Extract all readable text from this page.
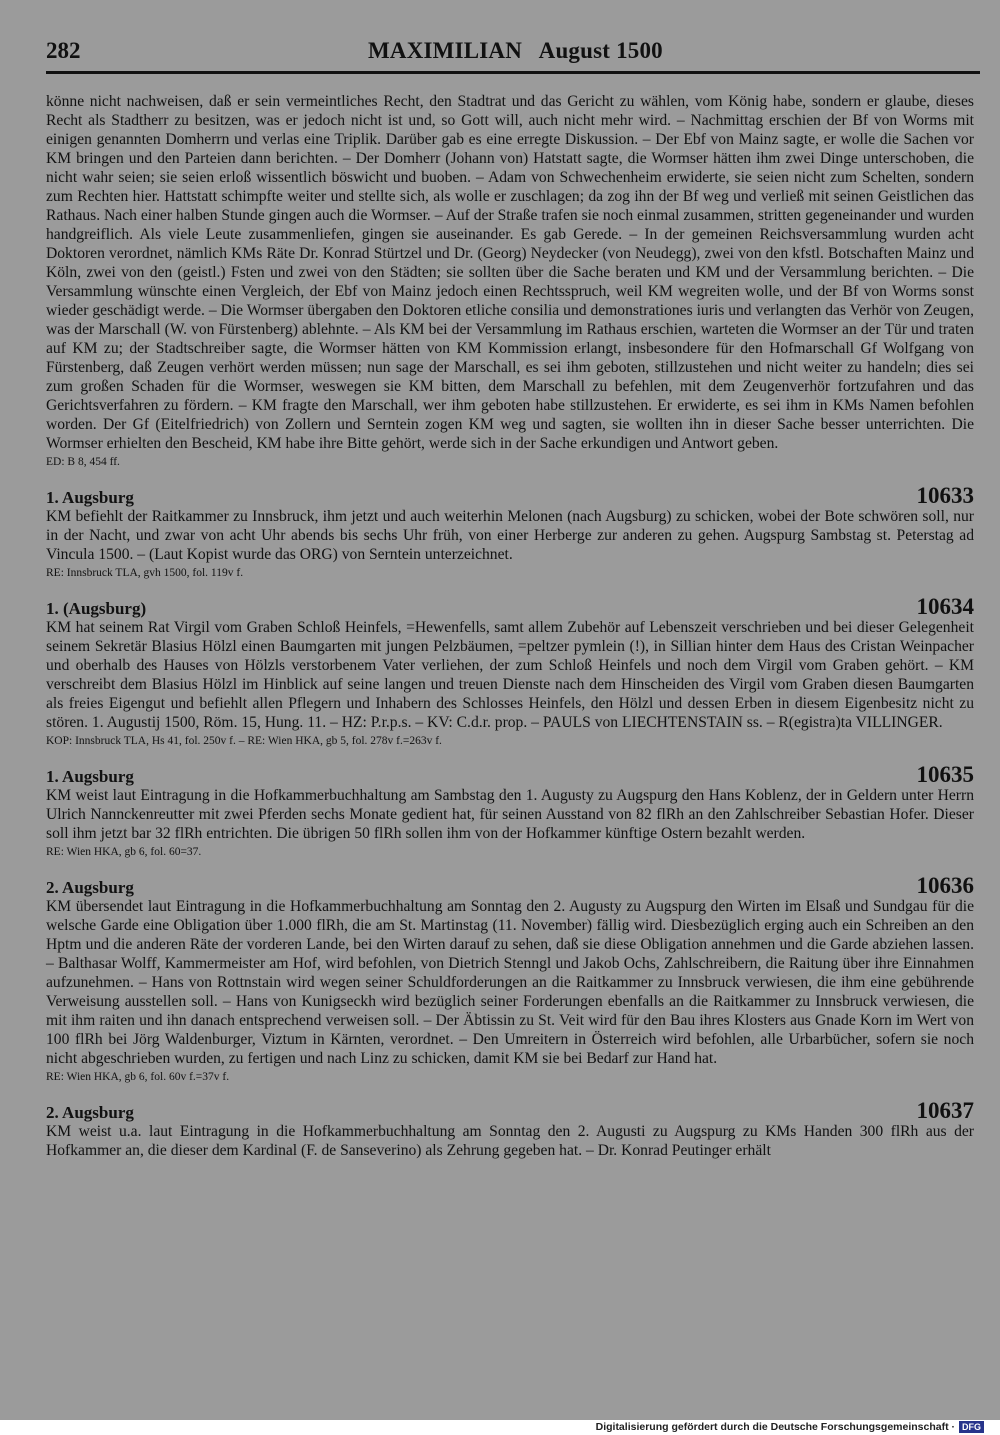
282	MAXIMILIAN   August 1500

könne nicht nachweisen, daß er sein vermeintliches Recht, den Stadtrat und das Gericht zu wählen, vom König habe, sondern er glaube, dieses Recht als Stadtherr zu besitzen, was er jedoch nicht ist und, so Gott will, auch nicht mehr wird. – Nachmittag erschien der Bf von Worms mit einigen genannten Domherrn und verlas eine Triplik. Darüber gab es eine erregte Diskussion. – Der Ebf von Mainz sagte, er wolle die Sachen vor KM bringen und den Parteien dann berichten. – Der Domherr (Johann von) Hatstatt sagte, die Wormser hätten ihm zwei Dinge unterschoben, die nicht wahr seien; sie seien erloß wissentlich böswicht und buoben. – Adam von Schwechenheim erwiderte, sie seien nicht zum Schelten, sondern zum Rechten hier. Hattstatt schimpfte weiter und stellte sich, als wolle er zuschlagen; da zog ihn der Bf weg und verließ mit seinen Geistlichen das Rathaus. Nach einer halben Stunde gingen auch die Wormser. – Auf der Straße trafen sie noch einmal zusammen, stritten gegeneinander und wurden handgreiflich. Als viele Leute zusammenliefen, gingen sie auseinander. Es gab Gerede. – In der gemeinen Reichsversammlung wurden acht Doktoren verordnet, nämlich KMs Räte Dr. Konrad Stürtzel und Dr. (Georg) Neydecker (von Neudegg), zwei von den kfstl. Botschaften Mainz und Köln, zwei von den (geistl.) Fsten und zwei von den Städten; sie sollten über die Sache beraten und KM und der Versammlung berichten. – Die Versammlung wünschte einen Vergleich, der Ebf von Mainz jedoch einen Rechtsspruch, weil KM wegreiten wolle, und der Bf von Worms sonst wieder geschädigt werde. – Die Wormser übergaben den Doktoren etliche consilia und demonstrationes iuris und verlangten das Verhör von Zeugen, was der Marschall (W. von Fürstenberg) ablehnte. – Als KM bei der Versammlung im Rathaus erschien, warteten die Wormser an der Tür und traten auf KM zu; der Stadtschreiber sagte, die Wormser hätten von KM Kommission erlangt, insbesondere für den Hofmarschall Gf Wolfgang von Fürstenberg, daß Zeugen verhört werden müssen; nun sage der Marschall, es sei ihm geboten, stillzustehen und nicht weiter zu handeln; dies sei zum großen Schaden für die Wormser, weswegen sie KM bitten, dem Marschall zu befehlen, mit dem Zeugenverhör fortzufahren und das Gerichtsverfahren zu fördern. – KM fragte den Marschall, wer ihm geboten habe stillzustehen. Er erwiderte, es sei ihm in KMs Namen befohlen worden. Der Gf (Eitelfriedrich) von Zollern und Serntein zogen KM weg und sagten, sie wollten ihn in dieser Sache besser unterrichten. Die Wormser erhielten den Bescheid, KM habe ihre Bitte gehört, werde sich in der Sache erkundigen und Antwort geben.

ED: B 8, 454 ff.

1. Augsburg	10633

KM befiehlt der Raitkammer zu Innsbruck, ihm jetzt und auch weiterhin Melonen (nach Augsburg) zu schicken, wobei der Bote schwören soll, nur in der Nacht, und zwar von acht Uhr abends bis sechs Uhr früh, von einer Herberge zur anderen zu gehen. Augspurg Sambstag st. Peterstag ad Vincula 1500. – (Laut Kopist wurde das ORG) von Serntein unterzeichnet.

RE: Innsbruck TLA, gvh 1500, fol. 119v f.

1. (Augsburg)	10634

KM hat seinem Rat Virgil vom Graben Schloß Heinfels, =Hewenfells, samt allem Zubehör auf Lebenszeit verschrieben und bei dieser Gelegenheit seinem Sekretär Blasius Hölzl einen Baumgarten mit jungen Pelzbäumen, =peltzer pymlein (!), in Sillian hinter dem Haus des Cristan Weinpacher und oberhalb des Hauses von Hölzls verstorbenem Vater verliehen, der zum Schloß Heinfels und noch dem Virgil vom Graben gehört. – KM verschreibt dem Blasius Hölzl im Hinblick auf seine langen und treuen Dienste nach dem Hinscheiden des Virgil vom Graben diesen Baumgarten als freies Eigengut und befiehlt allen Pflegern und Inhabern des Schlosses Heinfels, den Hölzl und dessen Erben in diesem Eigenbesitz nicht zu stören. 1. Augustij 1500, Röm. 15, Hung. 11. – HZ: P.r.p.s. – KV: C.d.r. prop. – PAULS von LIECHTENSTAIN ss. – R(egistra)ta VILLINGER.

KOP: Innsbruck TLA, Hs 41, fol. 250v f. – RE: Wien HKA, gb 5, fol. 278v f.=263v f.

1. Augsburg	10635

KM weist laut Eintragung in die Hofkammerbuchhaltung am Sambstag den 1. Augusty zu Augspurg den Hans Koblenz, der in Geldern unter Herrn Ulrich Nannckenreutter mit zwei Pferden sechs Monate gedient hat, für seinen Ausstand von 82 flRh an den Zahlschreiber Sebastian Hofer. Dieser soll ihm jetzt bar 32 flRh entrichten. Die übrigen 50 flRh sollen ihm von der Hofkammer künftige Ostern bezahlt werden.

RE: Wien HKA, gb 6, fol. 60=37.

2. Augsburg	10636

KM übersendet laut Eintragung in die Hofkammerbuchhaltung am Sonntag den 2. Augusty zu Augspurg den Wirten im Elsaß und Sundgau für die welsche Garde eine Obligation über 1.000 flRh, die am St. Martinstag (11. November) fällig wird. Diesbezüglich erging auch ein Schreiben an den Hptm und die anderen Räte der vorderen Lande, bei den Wirten darauf zu sehen, daß sie diese Obligation annehmen und die Garde abziehen lassen. – Balthasar Wolff, Kammermeister am Hof, wird befohlen, von Dietrich Stenngl und Jakob Ochs, Zahlschreibern, die Raitung über ihre Einnahmen aufzunehmen. – Hans von Rottnstain wird wegen seiner Schuldforderungen an die Raitkammer zu Innsbruck verwiesen, die ihm eine gebührende Verweisung ausstellen soll. – Hans von Kunigseckh wird bezüglich seiner Forderungen ebenfalls an die Raitkammer zu Innsbruck verwiesen, die mit ihm raiten und ihn danach entsprechend verweisen soll. – Der Äbtissin zu St. Veit wird für den Bau ihres Klosters aus Gnade Korn im Wert von 100 flRh bei Jörg Waldenburger, Viztum in Kärnten, verordnet. – Den Umreitern in Österreich wird befohlen, alle Urbarbücher, sofern sie noch nicht abgeschrieben wurden, zu fertigen und nach Linz zu schicken, damit KM sie bei Bedarf zur Hand hat.

RE: Wien HKA, gb 6, fol. 60v f.=37v f.

2. Augsburg	10637

KM weist u.a. laut Eintragung in die Hofkammerbuchhaltung am Sonntag den 2. Augusti zu Augspurg zu KMs Handen 300 flRh aus der Hofkammer an, die dieser dem Kardinal (F. de Sanseverino) als Zehrung gegeben hat. – Dr. Konrad Peutinger erhält

Digitalisierung gefördert durch die Deutsche Forschungsgemeinschaft · DFG
